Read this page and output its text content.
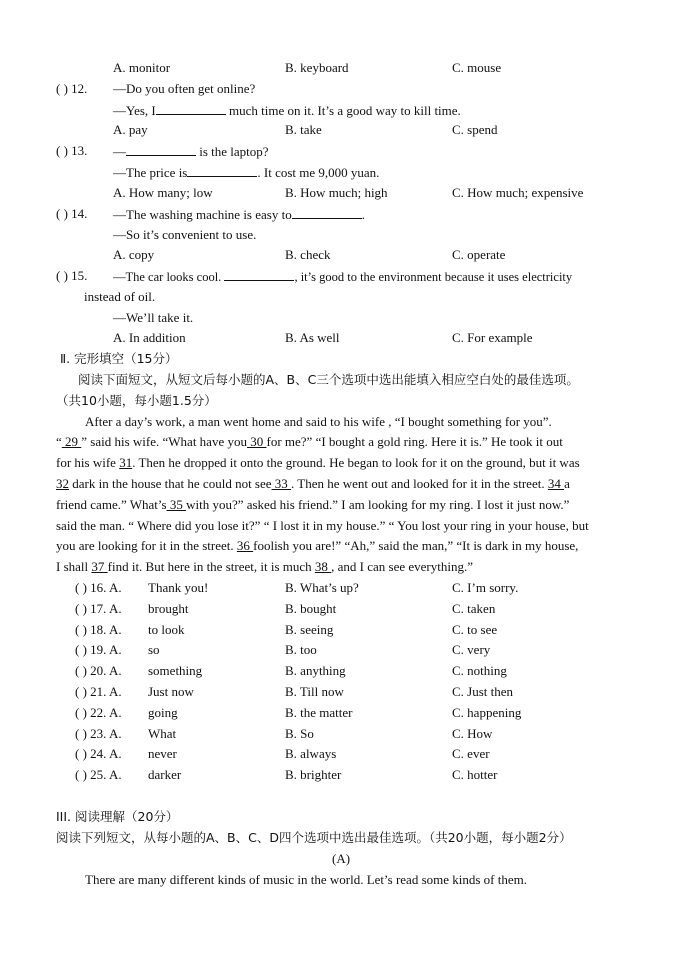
A. monitor	B. keyboard	C. mouse
( ) 12. —Do you often get online?
—Yes, I	much time on it. It’s a good way to kill time.
A. pay	B. take	C. spend
( ) 13. —	is the laptop?
—The price is	. It cost me 9,000 yuan.
A. How many; low	B. How much; high	C. How much; expensive
( ) 14. —The washing machine is easy to	.
—So it’s convenient to use.
A. copy	B. check	C. operate
( ) 15. —The car looks cool.	, it’s good to the environment because it uses electricity
instead of oil.
—We’ll take it.
A. In addition	B. As well	C. For example
Ⅱ. 完形填空（15分）
阅读下面短文，从短文后每小题的A、B、C三个选项中选出能填入相应空白处的最佳选项。
（共10小题，每小题1.5分）
After a day’s work, a man went home and said to his wife , “I bought something for you”.
“ 29 ” said his wife. “What have you 30 for me?” “I bought a gold ring. Here it is.” He took it out
for his wife 31. Then he dropped it onto the ground. He began to look for it on the ground, but it was
32 dark in the house that he could not see 33 . Then he went out and looked for it in the street. 34 a
friend came.” What’s 35 with you?” asked his friend.” I am looking for my ring. I lost it just now.”
said the man. “ Where did you lose it?” “ I lost it in my house.” “ You lost your ring in your house, but
you are looking for it in the street. 36 foolish you are!” “Ah,” said the man,” “It is dark in my house,
I shall 37 find it. But here in the street, it is much 38 , and I can see everything.”
( ) 16. A. Thank you!	B. What’s up?	C. I’m sorry.
( ) 17. A. brought	B. bought	C. taken
( ) 18. A. to look	B. seeing	C. to see
( ) 19. A. so	B. too	C. very
( ) 20. A. something	B. anything	C. nothing
( ) 21. A. Just now	B. Till now	C. Just then
( ) 22. A. going	B. the matter	C. happening
( ) 23. A. What	B. So	C. How
( ) 24. A. never	B. always	C. ever
( ) 25. A. darker	B. brighter	C. hotter
III. 阅读理解（20分）
阅读下列短文，从每小题的A、B、C、D四个选项中选出最佳选项。（共20小题，每小题2分）
(A)
There are many different kinds of music in the world. Let’s read some kinds of them.
